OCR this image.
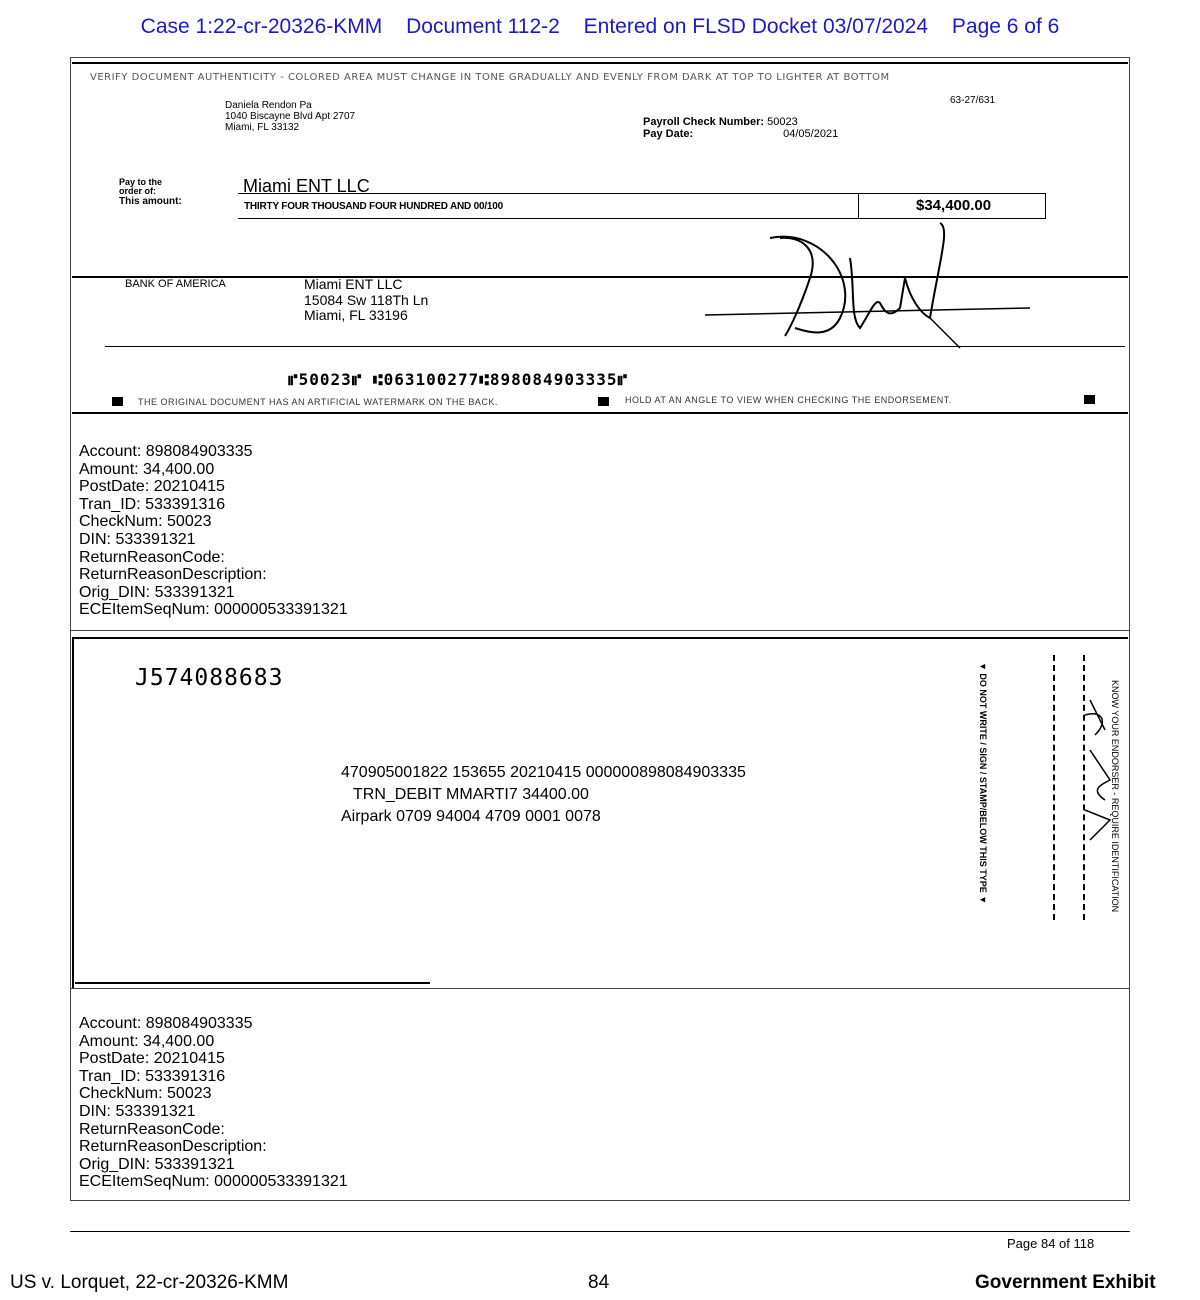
Case 1:22-cr-20326-KMM Document 112-2 Entered on FLSD Docket 03/07/2024 Page 6 of 6
VERIFY DOCUMENT AUTHENTICITY - COLORED AREA MUST CHANGE IN TONE GRADUALLY AND EVENLY FROM DARK AT TOP TO LIGHTER AT BOTTOM
Daniela Rendon Pa
1040 Biscayne Blvd Apt 2707
Miami, FL 33132
63-27/631
Payroll Check Number: 50023
Pay Date:	04/05/2021
Pay to the
order of:	Miami ENT LLC
This amount:	THIRTY FOUR THOUSAND FOUR HUNDRED AND 00/100	$34,400.00
BANK OF AMERICA	Miami ENT LLC
15084 Sw 118Th Ln
Miami, FL 33196
⑈50023⑈ ⑆063100277⑆898084903335⑈
THE ORIGINAL DOCUMENT HAS AN ARTIFICIAL WATERMARK ON THE BACK.	HOLD AT AN ANGLE TO VIEW WHEN CHECKING THE ENDORSEMENT.
Account: 898084903335
Amount: 34,400.00
PostDate: 20210415
Tran_ID: 533391316
CheckNum: 50023
DIN: 533391321
ReturnReasonCode:
ReturnReasonDescription:
Orig_DIN: 533391321
ECEItemSeqNum: 000000533391321
J574088683
470905001822 153655 20210415 000000898084903335
TRN_DEBIT MMARTI7 34400.00
Airpark 0709 94004 4709 0001 0078	▼ DO NOT WRITE / SIGN / STAMP/BELOW THIS TYPE ▼	KNOW YOUR ENDORSER - REQUIRE IDENTIFICATION
Account: 898084903335
Amount: 34,400.00
PostDate: 20210415
Tran_ID: 533391316
CheckNum: 50023
DIN: 533391321
ReturnReasonCode:
ReturnReasonDescription:
Orig_DIN: 533391321
ECEItemSeqNum: 000000533391321
Page 84 of 118
US v. Lorquet, 22-cr-20326-KMM	84	Government Exhibit
